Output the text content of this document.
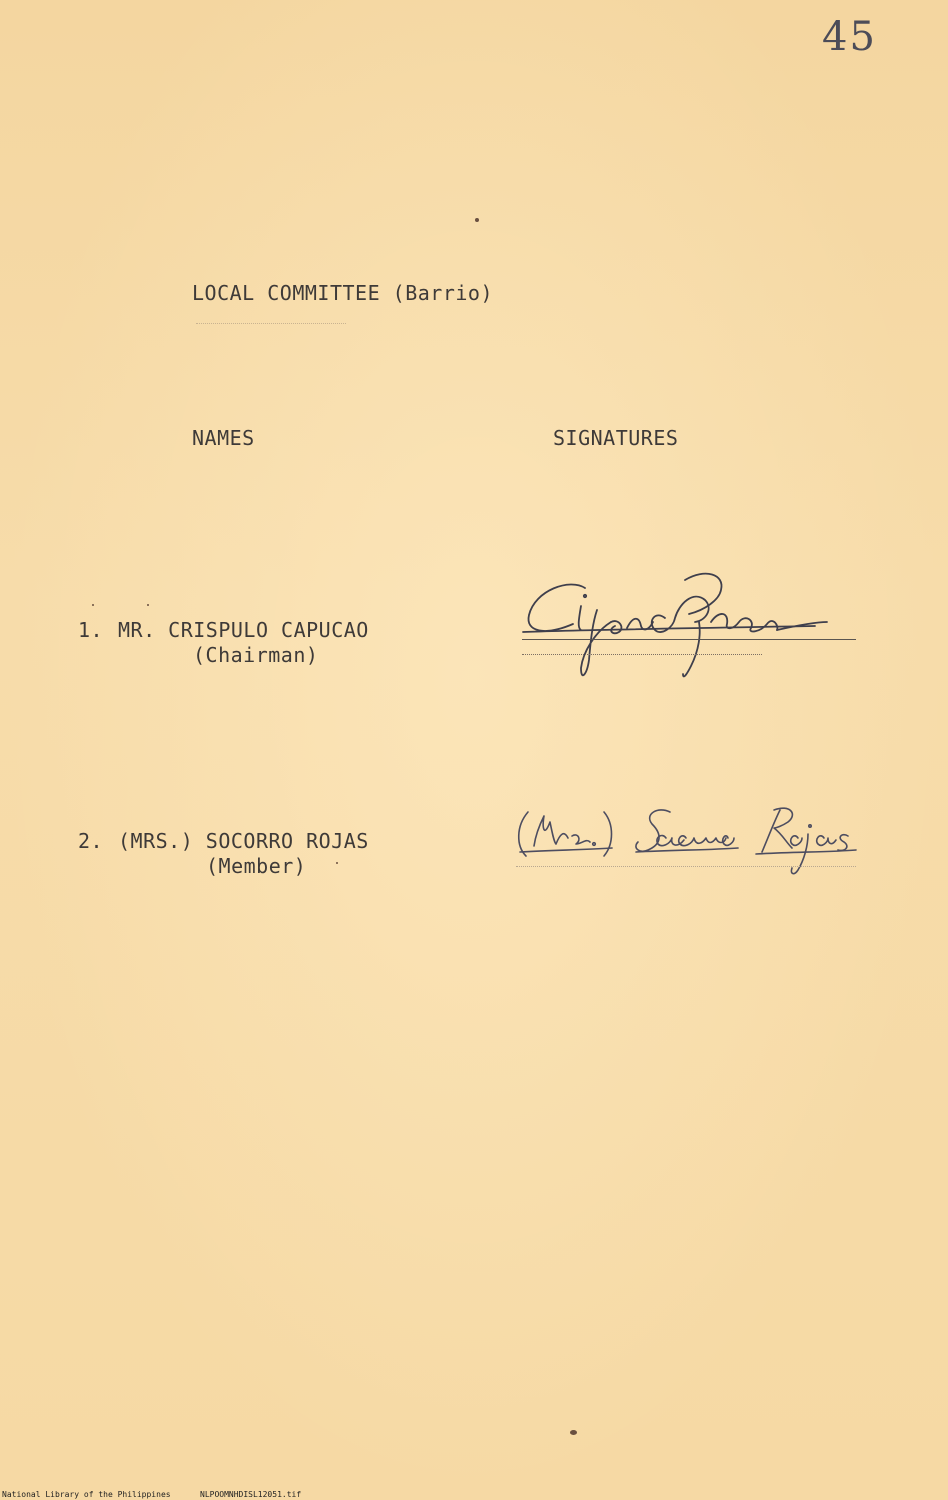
45
LOCAL COMMITTEE (Barrio)
NAMES	SIGNATURES
1. MR. CRISPULO CAPUCAO
(Chairman)
2. (MRS.) SOCORRO ROJAS
(Member)
National Library of the Philippines	NLPOOMNHDISL12051.tif
